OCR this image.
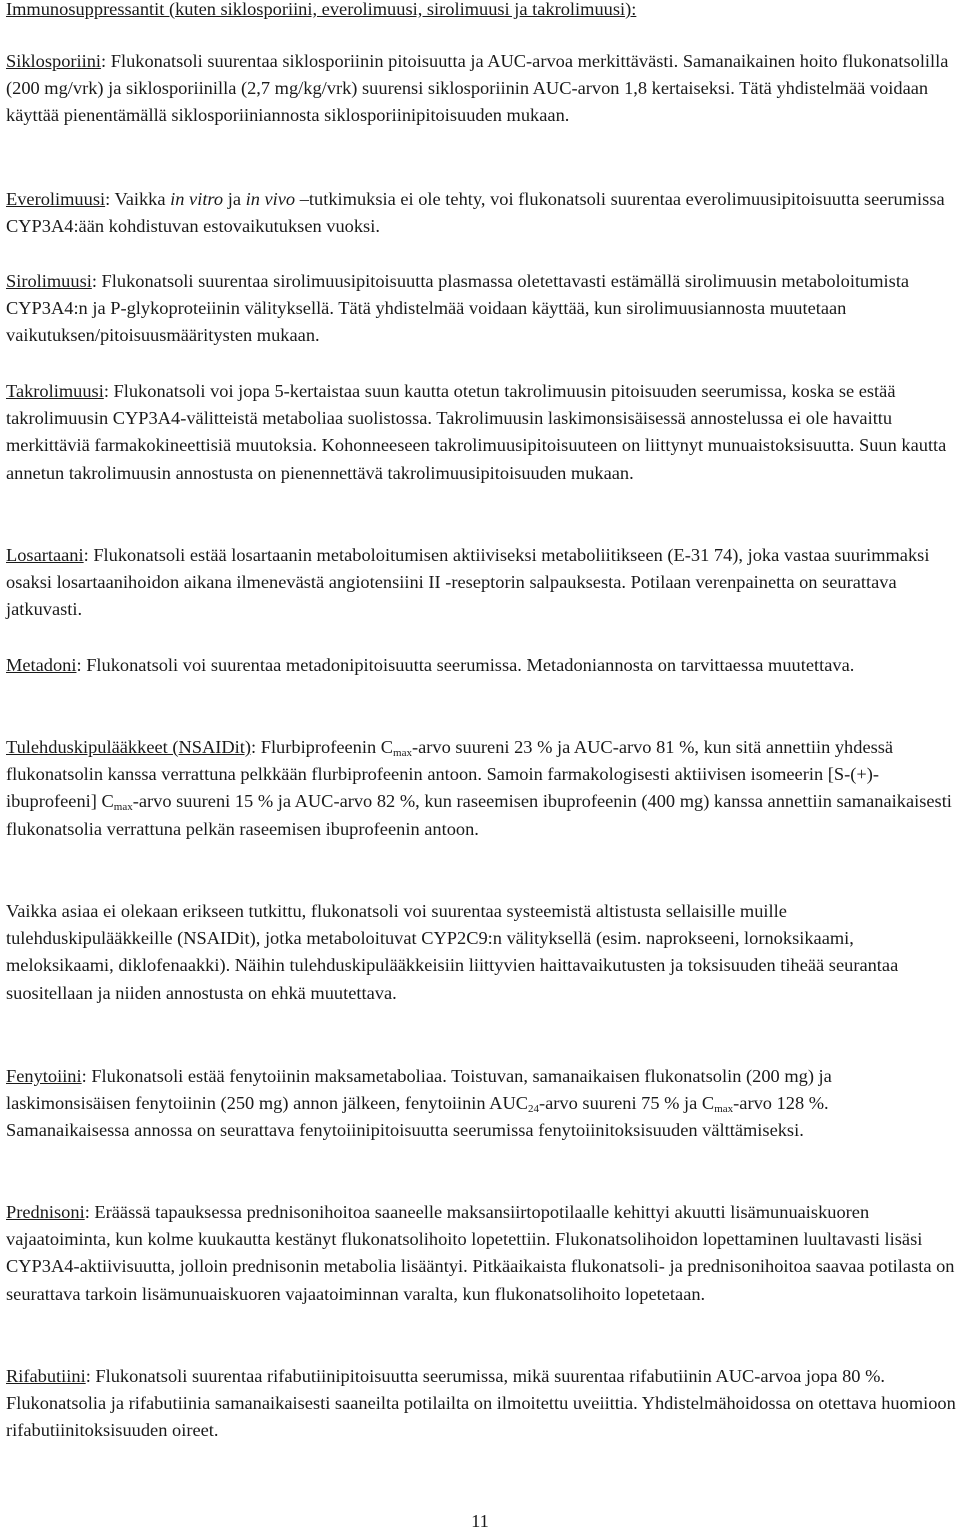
Immunosuppressantit (kuten siklosporiini, everolimuusi, sirolimuusi ja takrolimuusi):

Siklosporiini: Flukonatsoli suurentaa siklosporiinin pitoisuutta ja AUC-arvoa merkittävästi. Samanaikainen hoito flukonatsolilla (200 mg/vrk) ja siklosporiinilla (2,7 mg/kg/vrk) suurensi siklosporiinin AUC-arvon 1,8 kertaiseksi. Tätä yhdistelmää voidaan käyttää pienentämällä siklosporiiniannosta siklosporiinipitoisuuden mukaan.

Everolimuusi: Vaikka in vitro ja in vivo –tutkimuksia ei ole tehty, voi flukonatsoli suurentaa everolimuusipitoisuutta seerumissa CYP3A4:ään kohdistuvan estovaikutuksen vuoksi.

Sirolimuusi: Flukonatsoli suurentaa sirolimuusipitoisuutta plasmassa oletettavasti estämällä sirolimuusin metaboloitumista CYP3A4:n ja P-glykoproteiinin välityksellä. Tätä yhdistelmää voidaan käyttää, kun sirolimuusiannosta muutetaan vaikutuksen/pitoisuusmääritysten mukaan.

Takrolimuusi: Flukonatsoli voi jopa 5-kertaistaa suun kautta otetun takrolimuusin pitoisuuden seerumissa, koska se estää takrolimuusin CYP3A4-välitteistä metaboliaa suolistossa. Takrolimuusin laskimonsisäisessä annostelussa ei ole havaittu merkittäviä farmakokineettisiä muutoksia. Kohonneeseen takrolimuusipitoisuuteen on liittynyt munuaistoksisuutta. Suun kautta annetun takrolimuusin annostusta on pienennettävä takrolimuusipitoisuuden mukaan.

Losartaani: Flukonatsoli estää losartaanin metaboloitumisen aktiiviseksi metaboliitikseen (E-31 74), joka vastaa suurimmaksi osaksi losartaanihoidon aikana ilmenevästä angiotensiini II -reseptorin salpauksesta. Potilaan verenpainetta on seurattava jatkuvasti.

Metadoni: Flukonatsoli voi suurentaa metadonipitoisuutta seerumissa. Metadoniannosta on tarvittaessa muutettava.

Tulehduskipulääkkeet (NSAIDit): Flurbiprofeenin $C_{max}$-arvo suureni 23 % ja AUC-arvo 81 %, kun sitä annettiin yhdessä flukonatsolin kanssa verrattuna pelkkään flurbiprofeenin antoon. Samoin farmakologisesti aktiivisen isomeerin [S-(+)-ibuprofeeni] $C_{max}$-arvo suureni 15 % ja AUC-arvo 82 %, kun raseemisen ibuprofeenin (400 mg) kanssa annettiin samanaikaisesti flukonatsolia verrattuna pelkän raseemisen ibuprofeenin antoon.

Vaikka asiaa ei olekaan erikseen tutkittu, flukonatsoli voi suurentaa systeemistä altistusta sellaisille muille tulehduskipulääkkeille (NSAIDit), jotka metaboloituvat CYP2C9:n välityksellä (esim. naprokseeni, lornoksikaami, meloksikaami, diklofenaakki). Näihin tulehduskipulääkkeisiin liittyvien haittavaikutusten ja toksisuuden tiheää seurantaa suositellaan ja niiden annostusta on ehkä muutettava.

Fenytoiini: Flukonatsoli estää fenytoiinin maksametaboliaa. Toistuvan, samanaikaisen flukonatsolin (200 mg) ja laskimonsisäisen fenytoiinin (250 mg) annon jälkeen, fenytoiinin $AUC_{24}$-arvo suureni 75 % ja $C_{max}$-arvo 128 %. Samanaikaisessa annossa on seurattava fenytoiinipitoisuutta seerumissa fenytoiinitoksisuuden välttämiseksi.

Prednisoni: Eräässä tapauksessa prednisonihoitoa saaneelle maksansiirtopotilaalle kehittyi akuutti lisämunuaiskuoren vajaatoiminta, kun kolme kuukautta kestänyt flukonatsolihoito lopetettiin. Flukonatsolihoidon lopettaminen luultavasti lisäsi CYP3A4-aktiivisuutta, jolloin prednisonin metabolia lisääntyi. Pitkäaikaista flukonatsoli- ja prednisonihoitoa saavaa potilasta on seurattava tarkoin lisämunuaiskuoren vajaatoiminnan varalta, kun flukonatsolihoito lopetetaan.

Rifabutiini: Flukonatsoli suurentaa rifabutiinipitoisuutta seerumissa, mikä suurentaa rifabutiinin AUC-arvoa jopa 80 %. Flukonatsolia ja rifabutiinia samanaikaisesti saaneilta potilailta on ilmoitettu uveiittia. Yhdistelmähoidossa on otettava huomioon rifabutiinitoksisuuden oireet.

11
